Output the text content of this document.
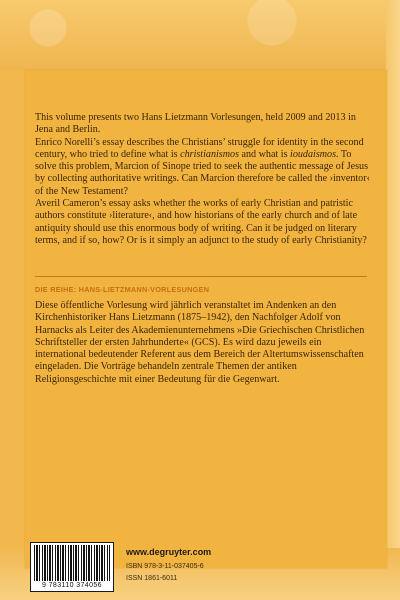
This volume presents two Hans Lietzmann Vorlesungen, held 2009 and 2013 in Jena and Berlin.
Enrico Norelli’s essay describes the Christians’ struggle for identity in the second century, who tried to define what is christianismos and what is ioudaismos. To solve this problem, Marcion of Sinope tried to seek the authentic message of Jesus by collecting authoritative writings. Can Marcion therefore be called the ›inventor‹ of the New Testament?
Averil Cameron’s essay asks whether the works of early Christian and patristic authors constitute ›literature‹, and how historians of the early church and of late antiquity should use this enormous body of writing. Can it be judged on literary terms, and if so, how? Or is it simply an adjunct to the study of early Christianity?

DIE REIHE: HANS-LIETZMANN-VORLESUNGEN

Diese öffentliche Vorlesung wird jährlich veranstaltet im Andenken an den Kirchenhistoriker Hans Lietzmann (1875–1942), den Nachfolger Adolf von Harnacks als Leiter des Akademienunternehmens »Die Griechischen Christlichen Schriftsteller der ersten Jahrhunderte« (GCS). Es wird dazu jeweils ein international bedeutender Referent aus dem Bereich der Altertumswissenschaften eingeladen. Die Vorträge behandeln zentrale Themen der antiken Religionsgeschichte mit einer Bedeutung für die Gegenwart.

9 783110 374056
www.degruyter.com
ISBN 978-3-11-037405-6
ISSN 1861-6011
